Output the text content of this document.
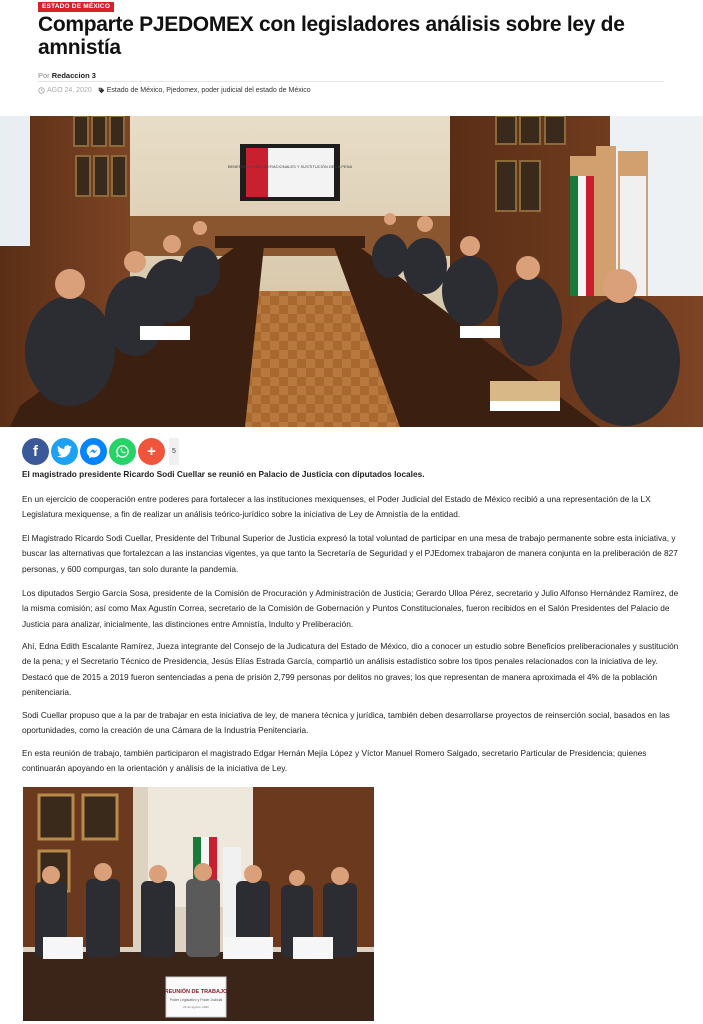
ESTADO DE MÉXICO
Comparte PJEDOMEX con legisladores análisis sobre ley de amnistía
Por Redaccion 3
AGO 24, 2020 Estado de México, Pjedomex, poder judicial del estado de México
BENEFICIOS PRELIBERACIONALES Y SUSTITUCIÓN DE LA PENA
f	+	5

El magistrado presidente Ricardo Sodi Cuellar se reunió en Palacio de Justicia con diputados locales.

En un ejercicio de cooperación entre poderes para fortalecer a las instituciones mexiquenses, el Poder Judicial del Estado de México recibió a una representación de la LX Legislatura mexiquense, a fin de realizar un análisis teórico-jurídico sobre la iniciativa de Ley de Amnistía de la entidad.

El Magistrado Ricardo Sodi Cuellar, Presidente del Tribunal Superior de Justicia expresó la total voluntad de participar en una mesa de trabajo permanente sobre esta iniciativa, y buscar las alternativas que fortalezcan a las instancias vigentes, ya que tanto la Secretaría de Seguridad y el PJEdomex trabajaron de manera conjunta en la preliberación de 827 personas, y 600 compurgas, tan solo durante la pandemia.

Los diputados Sergio García Sosa, presidente de la Comisión de Procuración y Administración de Justicia; Gerardo Ulloa Pérez, secretario y Julio Alfonso Hernández Ramírez, de la misma comisión; así como Max Agustín Correa, secretario de la Comisión de Gobernación y Puntos Constitucionales, fueron recibidos en el Salón Presidentes del Palacio de Justicia para analizar, inicialmente, las distinciones entre Amnistía, Indulto y Preliberación.

Ahí, Edna Edith Escalante Ramírez, Jueza integrante del Consejo de la Judicatura del Estado de México, dio a conocer un estudio sobre Beneficios preliberacionales y sustitución de la pena; y el Secretario Técnico de Presidencia, Jesús Elías Estrada García, compartió un análisis estadístico sobre los tipos penales relacionados con la iniciativa de ley. Destacó que de 2015 a 2019 fueron sentenciadas a pena de prisión 2,799 personas por delitos no graves; los que representan de manera aproximada el 4% de la población penitenciaria.

Sodi Cuellar propuso que a la par de trabajar en esta iniciativa de ley, de manera técnica y jurídica, también deben desarrollarse proyectos de reinserción social, basados en las oportunidades, como la creación de una Cámara de la Industria Penitenciaria.

En esta reunión de trabajo, también participaron el magistrado Edgar Hernán Mejía López y Víctor Manuel Romero Salgado, secretario Particular de Presidencia; quienes continuarán apoyando en la orientación y análisis de la iniciativa de Ley.

REUNIÓN DE TRABAJO
Poder Legislativo y Poder Judicial
24 de agosto, 2020
